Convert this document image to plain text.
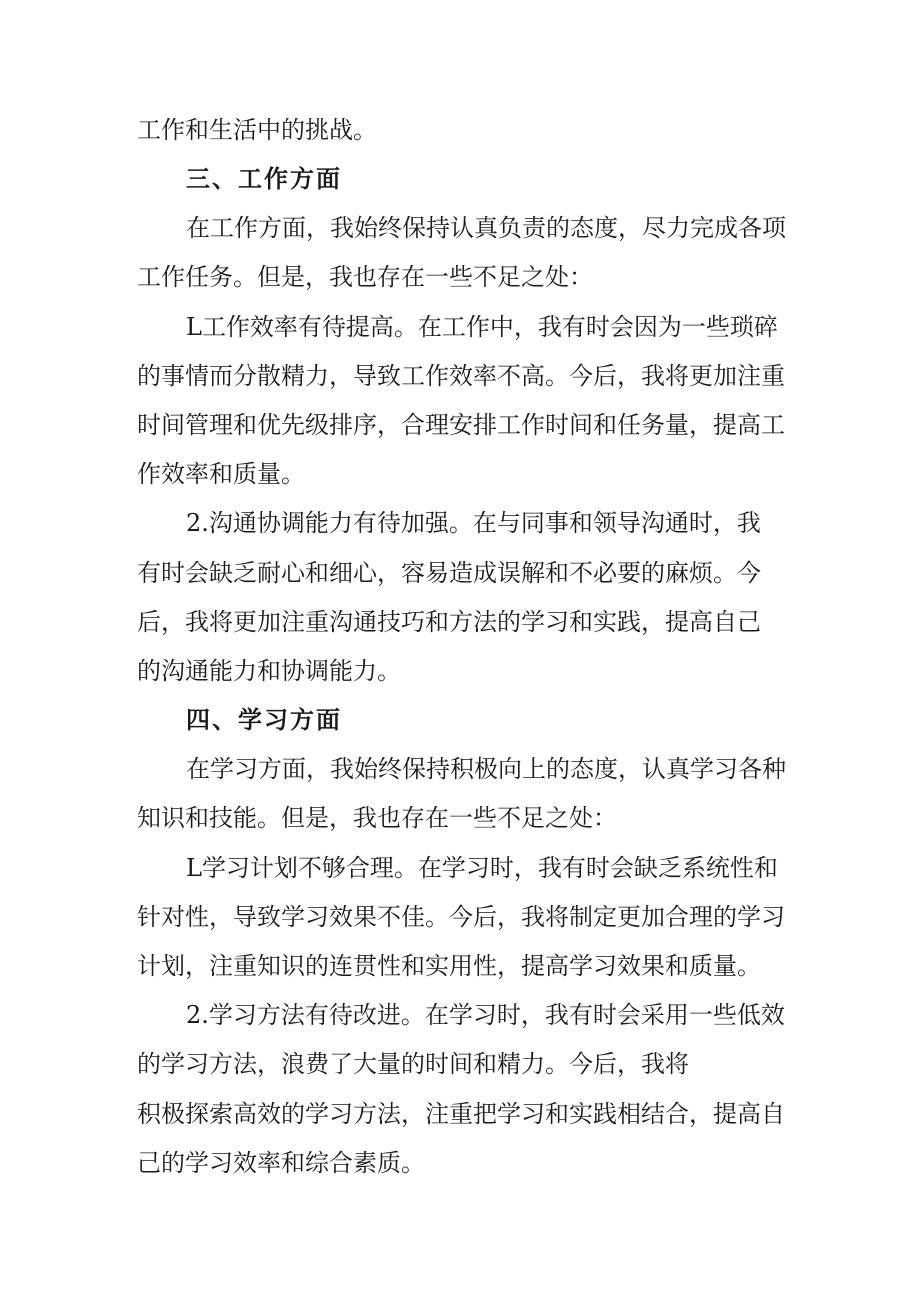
工作和生活中的挑战。

三、工作方面

在工作方面，我始终保持认真负责的态度，尽力完成各项

工作任务。但是，我也存在一些不足之处：

L工作效率有待提高。在工作中，我有时会因为一些琐碎

的事情而分散精力，导致工作效率不高。今后，我将更加注重

时间管理和优先级排序，合理安排工作时间和任务量，提高工

作效率和质量。

2.沟通协调能力有待加强。在与同事和领导沟通时，我

有时会缺乏耐心和细心，容易造成误解和不必要的麻烦。今

后，我将更加注重沟通技巧和方法的学习和实践，提高自己

的沟通能力和协调能力。

四、学习方面

在学习方面，我始终保持积极向上的态度，认真学习各种

知识和技能。但是，我也存在一些不足之处：

L学习计划不够合理。在学习时，我有时会缺乏系统性和

针对性，导致学习效果不佳。今后，我将制定更加合理的学习

计划，注重知识的连贯性和实用性，提高学习效果和质量。

2.学习方法有待改进。在学习时，我有时会采用一些低效

的学习方法，浪费了大量的时间和精力。今后，我将

积极探索高效的学习方法，注重把学习和实践相结合，提高自

己的学习效率和综合素质。
